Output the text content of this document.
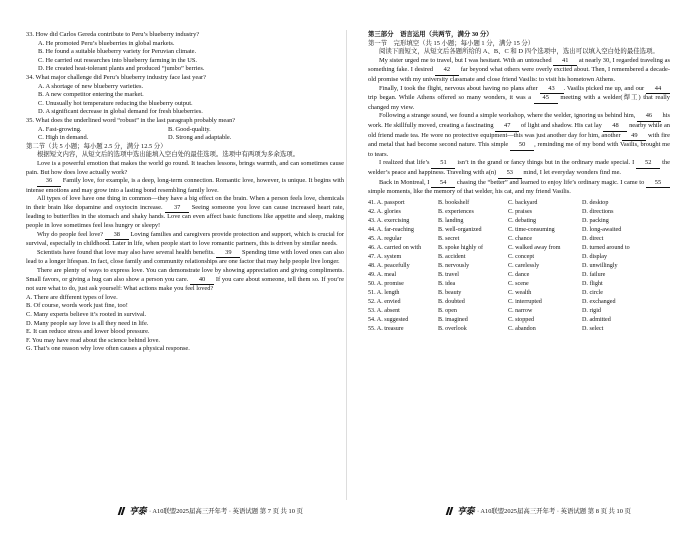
33. How did Carlos Gereda contribute to Peru’s blueberry industry?
A. He promoted Peru’s blueberries in global markets.
B. He found a suitable blueberry variety for Peruvian climate.
C. He carried out researches into blueberry farming in the US.
D. He created heat-tolerant plants and produced “jumbo” berries.
34. What major challenge did Peru’s blueberry industry face last year?
A. A shortage of new blueberry varieties.
B. A new competitor entering the market.
C. Unusually hot temperature reducing the blueberry output.
D. A significant decrease in global demand for fresh blueberries.
35. What does the underlined word “robust” in the last paragraph probably mean?
A. Fast-growing.	B. Good-quality.
C. High in demand.	D. Strong and adaptable.
第二节（共 5 小题；每小题 2.5 分，满分 12.5 分）

根据短文内容，从短文后的选项中选出能填入空白处的最佳选项。选项中有两项为多余选项。

Love is a powerful emotion that makes the world go round. It teaches lessons, brings warmth, and can sometimes cause pain. But how does love actually work?

36 Family love, for example, is a deep, long-term connection. Romantic love, however, is unique. It begins with intense emotions and may grow into a lasting bond resembling family love.

All types of love have one thing in common—they have a big effect on the brain. When a person feels love, chemicals in their brain like dopamine and oxytocin increase. 37 Seeing someone you love can cause increased heart rate, leading to butterflies in the stomach and shaky hands. Love can even affect basic functions like appetite and sleep, making people in love sometimes feel less hungry or sleepy!

Why do people feel love? 38 Loving families and caregivers provide protection and support, which is crucial for survival, especially in childhood. Later in life, when people start to love romantic partners, this is driven by similar needs.

Scientists have found that love may also have several health benefits. 39 Spending time with loved ones can also lead to a longer lifespan. In fact, close family and community relationships are one factor that may help people live longer.

There are plenty of ways to express love. You can demonstrate love by showing appreciation and giving compliments. Small favors, or giving a hug can also show a person you care. 40 If you care about someone, tell them so. If you’re not sure what to do, just ask yourself: What actions make you feel loved?

A. There are different types of love.
B. Of course, words work just fine, too!
C. Many experts believe it’s rooted in survival.
D. Many people say love is all they need in life.
E. It can reduce stress and lower blood pressure.
F. You may have read about the science behind love.
G. That’s one reason why love often causes a physical response.
亨泰 · A10联盟2025届高三开年考 · 英语试题 第 7 页 共 10 页
第三部分　语言运用（共两节，满分 30 分）
第一节　完形填空（共 15 小题；每小题 1 分，满分 15 分）

阅读下面短文，从短文后各题所给的 A、B、C 和 D 四个选项中，选出可以填入空白处的最佳选项。

My sister urged me to travel, but I was hesitant. With an untouched 41 at nearly 30, I regarded traveling as something fake. I desired 42 far beyond what others were overly excited about. Then, I remembered a decade-old promise with my university classmate and close friend Vasilis: to visit his hometown Athens.

Finally, I took the flight, nervous about having no plans after 43 . Vasilis picked me up, and our 44 trip began. While Athens offered so many wonders, it was a 45 meeting with a welder(焊工) that really changed my view.

Following a strange sound, we found a simple workshop, where the welder, ignoring us behind him, 46 his work. He skillfully moved, creating a fascinating 47 of light and shadow. His cat lay 48 nearby while an old friend made tea. He wore no protective equipment—this was just another day for him, another 49 with fire and metal that had become second nature. This simple 50 , reminding me of my bond with Vasilis, brought me to tears.

I realized that life’s 51 isn’t in the grand or fancy things but in the ordinary made special. I 52 the welder’s peace and happiness. Traveling with a(n) 53 mind, I let everyday wonders find me.

Back in Montreal, I 54 chasing the “better” and learned to enjoy life’s ordinary magic. I came to 55 simple moments, like the memory of that welder, his cat, and my friend Vasilis.

41. A. passport	B. bookshelf	C. backyard	D. desktop
42. A. glories	B. experiences	C. praises	D. directions
43. A. exercising	B. landing	C. debating	D. packing
44. A. far-reaching	B. well-organized	C. time-consuming	D. long-awaited
45. A. regular	B. secret	C. chance	D. direct
46. A. carried on with	B. spoke highly of	C. walked away from	D. turned around to
47. A. system	B. accident	C. concept	D. display
48. A. peacefully	B. nervously	C. carelessly	D. unwillingly
49. A. meal	B. travel	C. dance	D. failure
50. A. promise	B. idea	C. scene	D. flight
51. A. length	B. beauty	C. wealth	D. circle
52. A. envied	B. doubted	C. interrupted	D. exchanged
53. A. absent	B. open	C. narrow	D. rigid
54. A. suggested	B. imagined	C. stopped	D. admitted
55. A. treasure	B. overlook	C. abandon	D. select
亨泰 · A10联盟2025届高三开年考 · 英语试题 第 8 页 共 10 页
